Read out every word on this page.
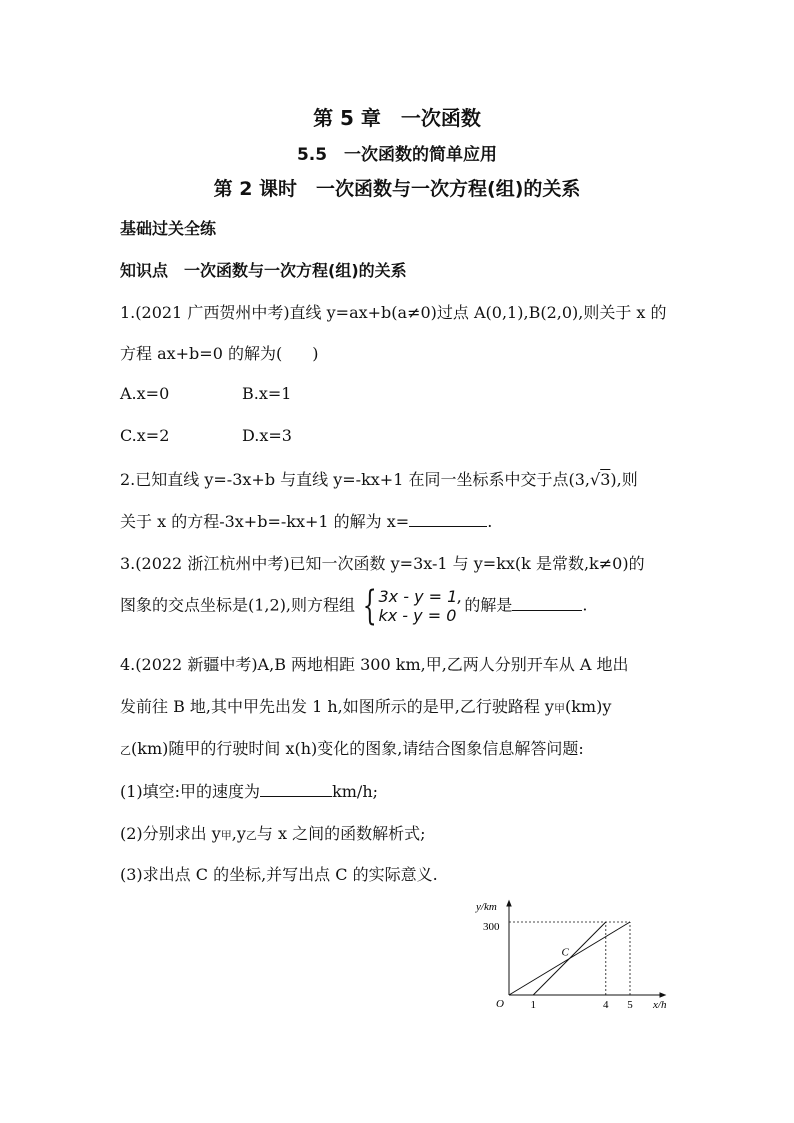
第 5 章　一次函数
5.5　一次函数的简单应用
第 2 课时　一次函数与一次方程(组)的关系
基础过关全练
知识点　一次函数与一次方程(组)的关系
1.(2021 广西贺州中考)直线 y=ax+b(a≠0)过点 A(0,1),B(2,0),则关于 x 的
方程 ax+b=0 的解为( )
A.x=0	B.x=1
C.x=2	D.x=3
2.已知直线 y=-3x+b 与直线 y=-kx+1 在同一坐标系中交于点(3,√3),则
关于 x 的方程-3x+b=-kx+1 的解为 x=	.
3.(2022 浙江杭州中考)已知一次函数 y=3x-1 与 y=kx(k 是常数,k≠0)的
图象的交点坐标是(1,2),则方程组 { 3x - y = 1,
kx - y = 0
的解是	.
4.(2022 新疆中考)A,B 两地相距 300 km,甲,乙两人分别开车从 A 地出
发前往 B 地,其中甲先出发 1 h,如图所示的是甲,乙行驶路程 y甲(km)y
乙(km)随甲的行驶时间 x(h)变化的图象,请结合图象信息解答问题:
(1)填空:甲的速度为	km/h;
(2)分别求出 y甲,y乙与 x 之间的函数解析式;
(3)求出点 C 的坐标,并写出点 C 的实际意义.
y/km
x/h
O
300
1	4 5
C
